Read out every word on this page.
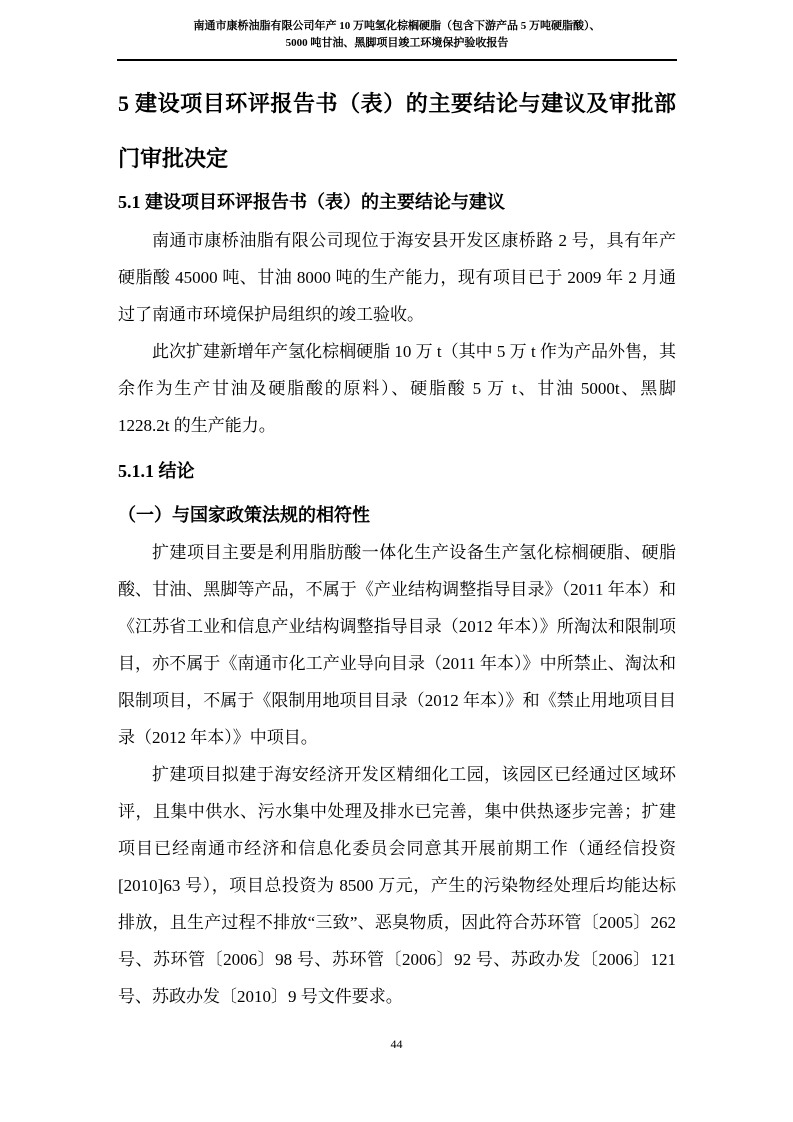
南通市康桥油脂有限公司年产 10 万吨氢化棕榈硬脂（包含下游产品 5 万吨硬脂酸）、
5000 吨甘油、黑脚项目竣工环境保护验收报告
5 建设项目环评报告书（表）的主要结论与建议及审批部门审批决定
5.1 建设项目环评报告书（表）的主要结论与建议

南通市康桥油脂有限公司现位于海安县开发区康桥路 2 号，具有年产硬脂酸 45000 吨、甘油 8000 吨的生产能力，现有项目已于 2009 年 2 月通过了南通市环境保护局组织的竣工验收。

此次扩建新增年产氢化棕榈硬脂 10 万 t（其中 5 万 t 作为产品外售，其余作为生产甘油及硬脂酸的原料）、硬脂酸 5 万 t、甘油 5000t、黑脚 1228.2t 的生产能力。

5.1.1 结论
（一）与国家政策法规的相符性

扩建项目主要是利用脂肪酸一体化生产设备生产氢化棕榈硬脂、硬脂酸、甘油、黑脚等产品，不属于《产业结构调整指导目录》（2011 年本）和《江苏省工业和信息产业结构调整指导目录（2012 年本）》所淘汰和限制项目，亦不属于《南通市化工产业导向目录（2011 年本）》中所禁止、淘汰和限制项目，不属于《限制用地项目目录（2012 年本）》和《禁止用地项目目录（2012 年本）》中项目。

扩建项目拟建于海安经济开发区精细化工园，该园区已经通过区域环评，且集中供水、污水集中处理及排水已完善，集中供热逐步完善；扩建项目已经南通市经济和信息化委员会同意其开展前期工作（通经信投资[2010]63 号），项目总投资为 8500 万元，产生的污染物经处理后均能达标排放，且生产过程不排放“三致”、恶臭物质，因此符合苏环管〔2005〕262 号、苏环管〔2006〕98 号、苏环管〔2006〕92 号、苏政办发〔2006〕121 号、苏政办发〔2010〕9 号文件要求。

44
